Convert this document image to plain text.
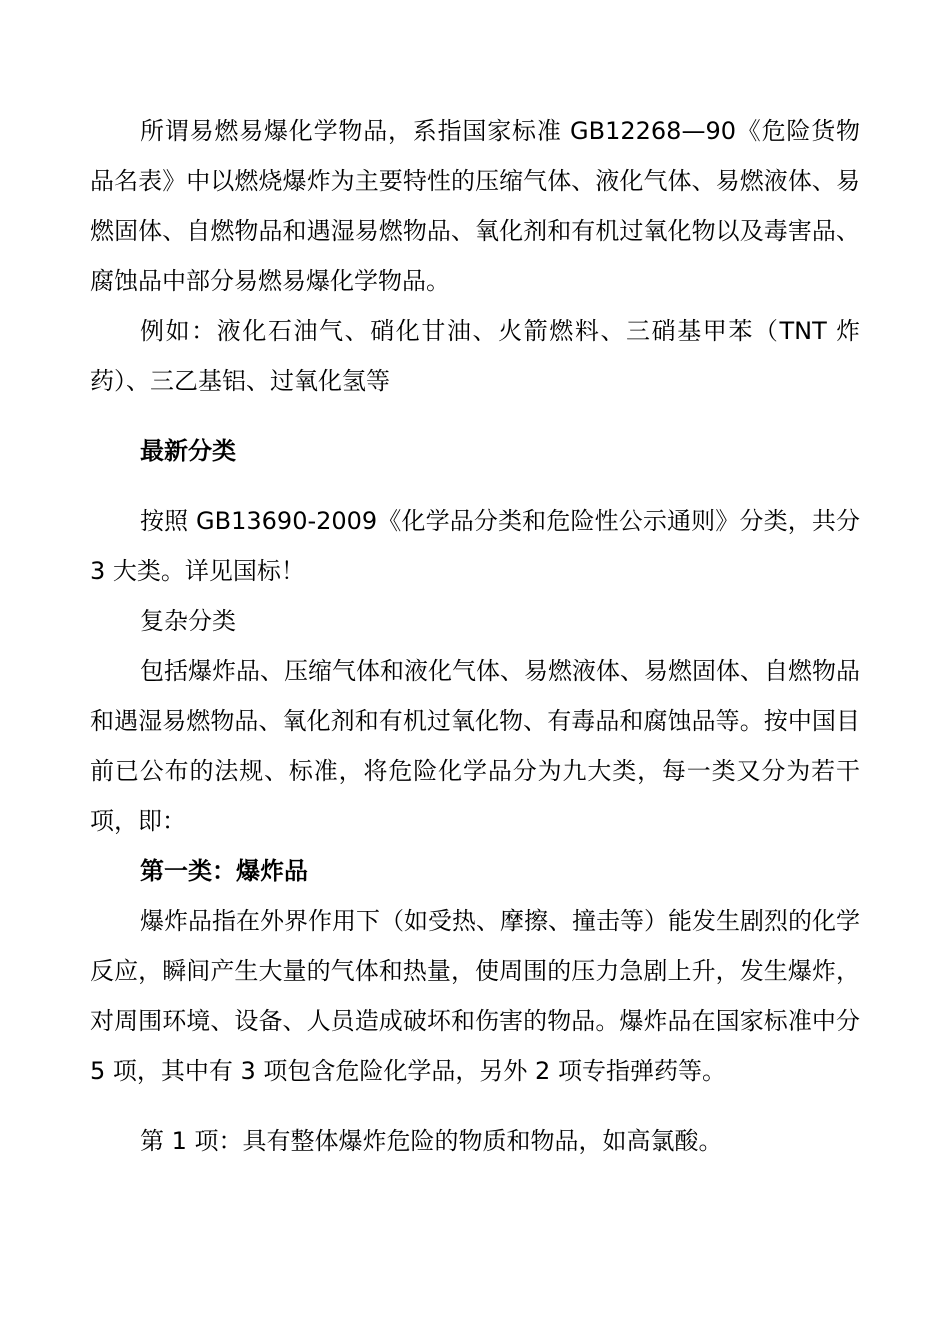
所谓易燃易爆化学物品，系指国家标准 GB12268—90《危险货物品名表》中以燃烧爆炸为主要特性的压缩气体、液化气体、易燃液体、易燃固体、自燃物品和遇湿易燃物品、氧化剂和有机过氧化物以及毒害品、腐蚀品中部分易燃易爆化学物品。

例如：液化石油气、硝化甘油、火箭燃料、三硝基甲苯（TNT 炸药）、三乙基铝、过氧化氢等

最新分类

按照 GB13690-2009《化学品分类和危险性公示通则》分类，共分 3 大类。详见国标！

复杂分类

包括爆炸品、压缩气体和液化气体、易燃液体、易燃固体、自燃物品和遇湿易燃物品、氧化剂和有机过氧化物、有毒品和腐蚀品等。按中国目前已公布的法规、标准，将危险化学品分为九大类，每一类又分为若干项，即：

第一类：爆炸品

爆炸品指在外界作用下（如受热、摩擦、撞击等）能发生剧烈的化学反应，瞬间产生大量的气体和热量，使周围的压力急剧上升，发生爆炸，对周围环境、设备、人员造成破坏和伤害的物品。爆炸品在国家标准中分 5 项，其中有 3 项包含危险化学品，另外 2 项专指弹药等。

第 1 项：具有整体爆炸危险的物质和物品，如高氯酸。
